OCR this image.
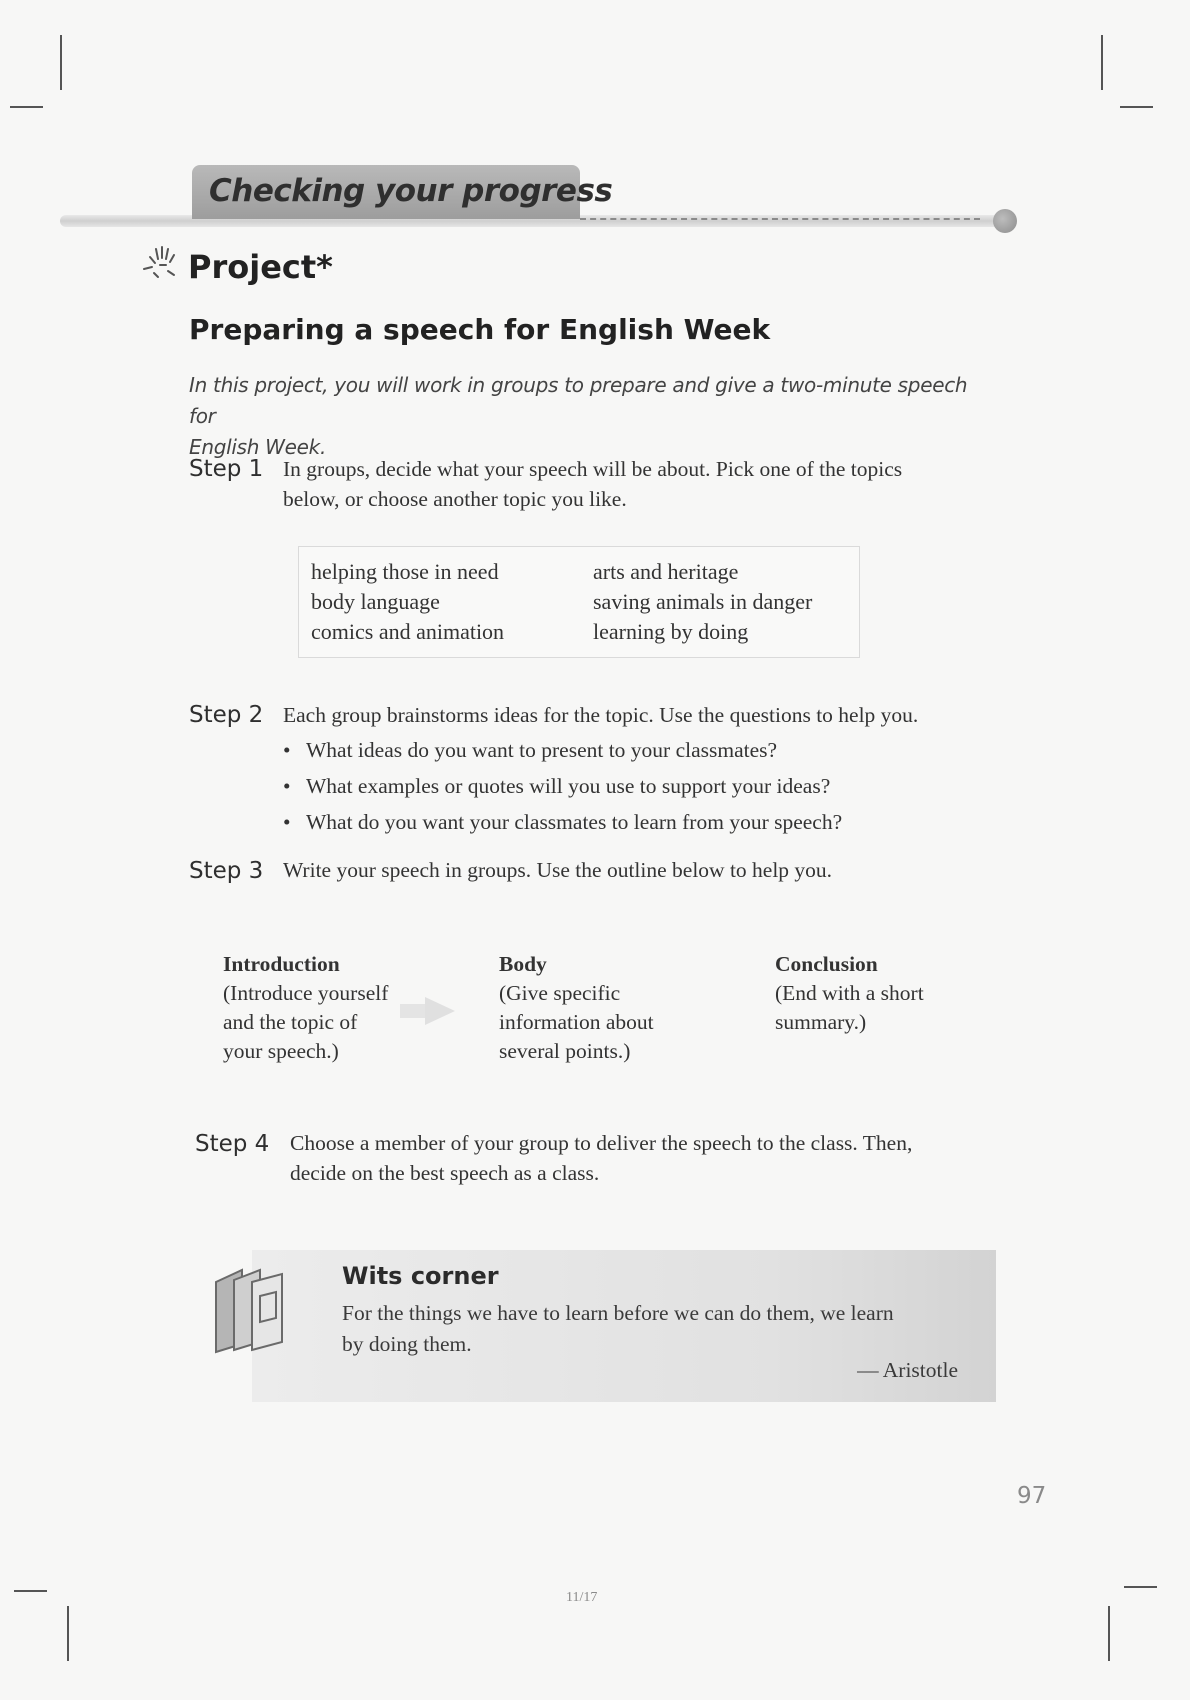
Checking your progress
Project*
Preparing a speech for English Week
In this project, you will work in groups to prepare and give a two-minute speech for
English Week.
Step 1 In groups, decide what your speech will be about. Pick one of the topics
below, or choose another topic you like.
helping those in need
body language
comics and animation
arts and heritage
saving animals in danger
learning by doing
Step 2 Each group brainstorms ideas for the topic. Use the questions to help you.
• What ideas do you want to present to your classmates?
• What examples or quotes will you use to support your ideas?
• What do you want your classmates to learn from your speech?
Step 3 Write your speech in groups. Use the outline below to help you.
Introduction
(Introduce yourself
and the topic of
your speech.)
Body
(Give specific
information about
several points.)
Conclusion
(End with a short
summary.)
Step 4 Choose a member of your group to deliver the speech to the class. Then,
decide on the best speech as a class.
Wits corner
For the things we have to learn before we can do them, we learn
by doing them.
— Aristotle
97
11/17
